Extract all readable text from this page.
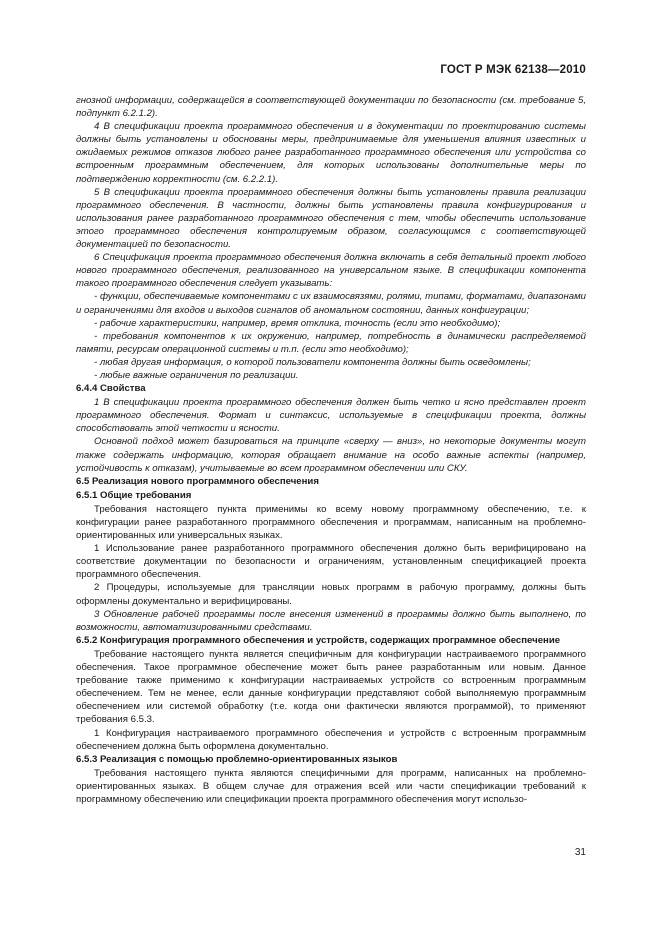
ГОСТ Р МЭК 62138—2010

гнозной информации, содержащейся в соответствующей документации по безопасности (см. требование 5, подпункт 6.2.1.2).

4 В спецификации проекта программного обеспечения и в документации по проектированию системы должны быть установлены и обоснованы меры, предпринимаемые для уменьшения влияния известных и ожидаемых режимов отказов любого ранее разработанного программного обеспечения или устройства со встроенным программным обеспечением, для которых использованы дополнительные меры по подтверждению корректности (см. 6.2.2.1).

5 В спецификации проекта программного обеспечения должны быть установлены правила реализации программного обеспечения. В частности, должны быть установлены правила конфигурирования и использования ранее разработанного программного обеспечения с тем, чтобы обеспечить использование этого программного обеспечения контролируемым образом, согласующимся с соответствующей документацией по безопасности.

6 Спецификация проекта программного обеспечения должна включать в себя детальный проект любого нового программного обеспечения, реализованного на универсальном языке. В спецификации компонента такого программного обеспечения следует указывать:

- функции, обеспечиваемые компонентами с их взаимосвязями, ролями, типами, форматами, диапазонами и ограничениями для входов и выходов сигналов об аномальном состоянии, данных конфигурации;

- рабочие характеристики, например, время отклика, точность (если это необходимо);

- требования компонентов к их окружению, например, потребность в динамически распределяемой памяти, ресурсам операционной системы и т.п. (если это необходимо);

- любая другая информация, о которой пользователи компонента должны быть осведомлены;

- любые важные ограничения по реализации.

6.4.4 Свойства

1 В спецификации проекта программного обеспечения должен быть четко и ясно представлен проект программного обеспечения. Формат и синтаксис, используемые в спецификации проекта, должны способствовать этой четкости и ясности.

Основной подход может базироваться на принципе «сверху — вниз», но некоторые документы могут также содержать информацию, которая обращает внимание на особо важные аспекты (например, устойчивость к отказам), учитываемые во всем программном обеспечении или СКУ.

6.5 Реализация нового программного обеспечения

6.5.1 Общие требования

Требования настоящего пункта применимы ко всему новому программному обеспечению, т.е. к конфигурации ранее разработанного программного обеспечения и программам, написанным на проблемно-ориентированных или универсальных языках.

1 Использование ранее разработанного программного обеспечения должно быть верифицировано на соответствие документации по безопасности и ограничениям, установленным спецификацией проекта программного обеспечения.

2 Процедуры, используемые для трансляции новых программ в рабочую программу, должны быть оформлены документально и верифицированы.

3 Обновление рабочей программы после внесения изменений в программы должно быть выполнено, по возможности, автоматизированными средствами.

6.5.2 Конфигурация программного обеспечения и устройств, содержащих программное обеспечение

Требование настоящего пункта является специфичным для конфигурации настраиваемого программного обеспечения. Такое программное обеспечение может быть ранее разработанным или новым. Данное требование также применимо к конфигурации настраиваемых устройств со встроенным программным обеспечением. Тем не менее, если данные конфигурации представляют собой выполняемую программным обеспечением или системой обработку (т.е. когда они фактически являются программой), то применяют требования 6.5.3.

1 Конфигурация настраиваемого программного обеспечения и устройств с встроенным программным обеспечением должна быть оформлена документально.

6.5.3 Реализация с помощью проблемно-ориентированных языков

Требования настоящего пункта являются специфичными для программ, написанных на проблемно-ориентированных языках. В общем случае для отражения всей или части спецификации требований к программному обеспечению или спецификации проекта программного обеспечения могут использо-

31
